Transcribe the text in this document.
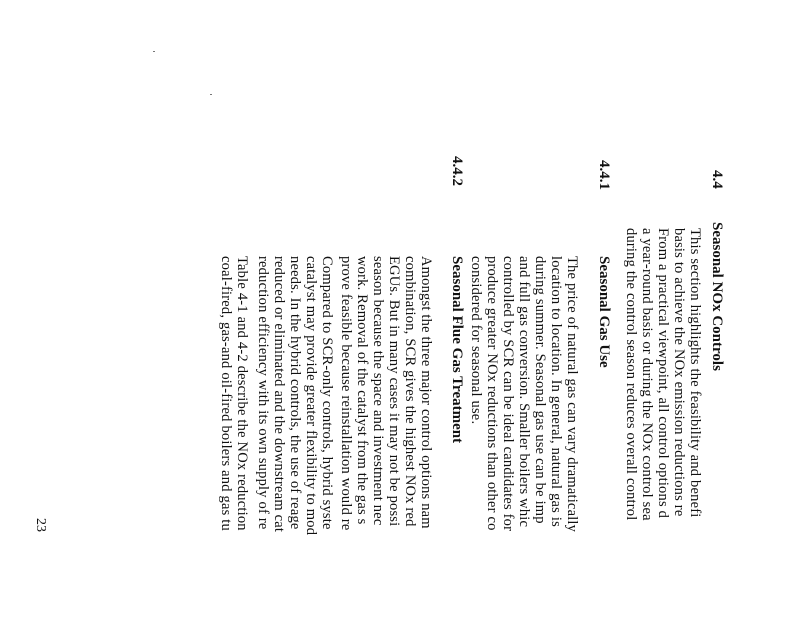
4.4
Seasonal NOx Controls
This section highlights the feasibility and benefi
basis to achieve the NOx emission reductions re
From a practical viewpoint, all control options d
a year-round basis or during the NOx control sea
during the control season reduces overall control
4.4.1
Seasonal Gas Use
The price of natural gas can vary dramatically
location to location. In general, natural gas is
during summer. Seasonal gas use can be imp
and full gas conversion. Smaller boilers whic
controlled by SCR can be ideal candidates for
produce greater NOx reductions than other co
considered for seasonal use.
4.4.2
Seasonal Flue Gas Treatment
Amongst the three major control options nam
combination, SCR gives the highest NOx red
EGUs. But in many cases it may not be possi
season because the space and investment nec
work. Removal of the catalyst from the gas s
prove feasible because reinstallation would re
Compared to SCR-only controls, hybrid syste
catalyst may provide greater flexibility to mod
needs. In the hybrid controls, the use of reage
reduced or eliminated and the downstream cat
reduction efficiency with its own supply of re
Table 4-1 and 4-2 describe the NOx reduction
coal-fired, gas-and oil-fired boilers and gas tu
23
